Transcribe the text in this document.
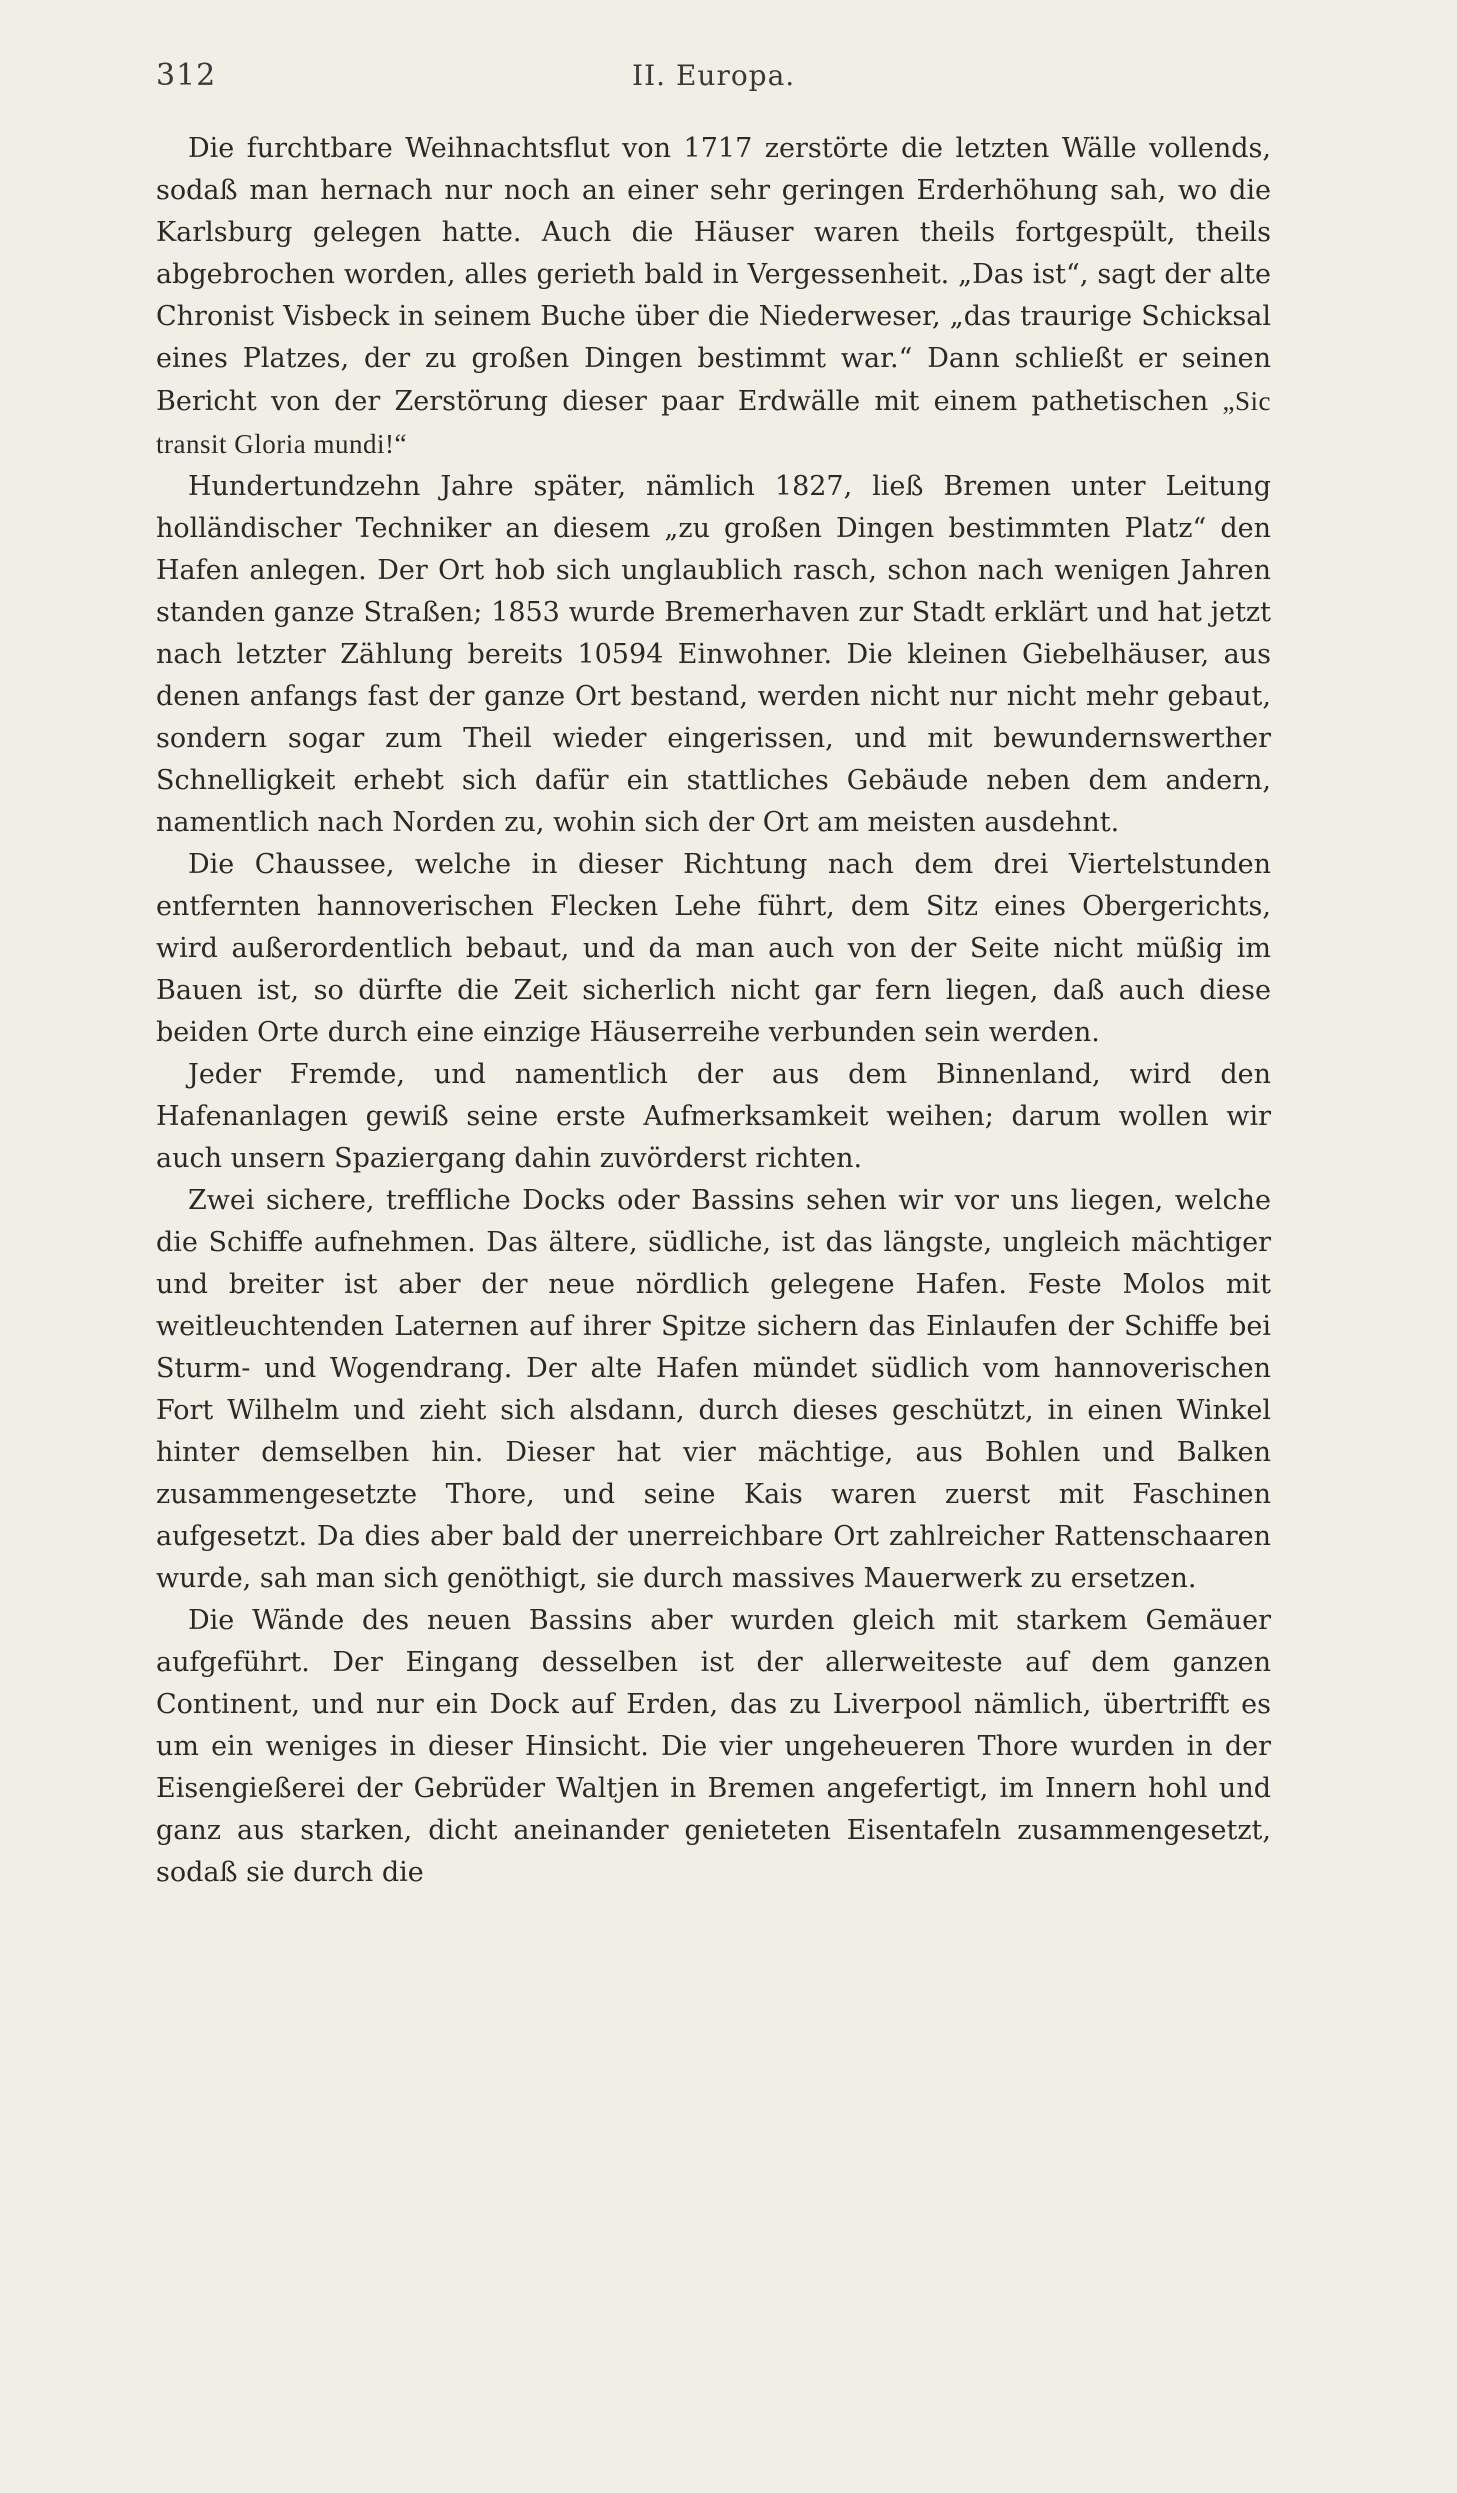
312	II. Europa.

Die furchtbare Weihnachtsflut von 1717 zerstörte die letzten Wälle vollends, sodaß man hernach nur noch an einer sehr geringen Erderhöhung sah, wo die Karlsburg gelegen hatte. Auch die Häuser waren theils fortgespült, theils abgebrochen worden, alles gerieth bald in Vergessenheit. „Das ist“, sagt der alte Chronist Visbeck in seinem Buche über die Niederweser, „das traurige Schicksal eines Platzes, der zu großen Dingen bestimmt war.“ Dann schließt er seinen Bericht von der Zerstörung dieser paar Erdwälle mit einem pathetischen „Sic transit Gloria mundi!“

Hundertundzehn Jahre später, nämlich 1827, ließ Bremen unter Leitung holländischer Techniker an diesem „zu großen Dingen bestimmten Platz“ den Hafen anlegen. Der Ort hob sich unglaublich rasch, schon nach wenigen Jahren standen ganze Straßen; 1853 wurde Bremerhaven zur Stadt erklärt und hat jetzt nach letzter Zählung bereits 10594 Einwohner. Die kleinen Giebelhäuser, aus denen anfangs fast der ganze Ort bestand, werden nicht nur nicht mehr gebaut, sondern sogar zum Theil wieder eingerissen, und mit bewundernswerther Schnelligkeit erhebt sich dafür ein stattliches Gebäude neben dem andern, namentlich nach Norden zu, wohin sich der Ort am meisten ausdehnt.

Die Chaussee, welche in dieser Richtung nach dem drei Viertelstunden entfernten hannoverischen Flecken Lehe führt, dem Sitz eines Obergerichts, wird außerordentlich bebaut, und da man auch von der Seite nicht müßig im Bauen ist, so dürfte die Zeit sicherlich nicht gar fern liegen, daß auch diese beiden Orte durch eine einzige Häuserreihe verbunden sein werden.

Jeder Fremde, und namentlich der aus dem Binnenland, wird den Hafenanlagen gewiß seine erste Aufmerksamkeit weihen; darum wollen wir auch unsern Spaziergang dahin zuvörderst richten.

Zwei sichere, treffliche Docks oder Bassins sehen wir vor uns liegen, welche die Schiffe aufnehmen. Das ältere, südliche, ist das längste, ungleich mächtiger und breiter ist aber der neue nördlich gelegene Hafen. Feste Molos mit weitleuchtenden Laternen auf ihrer Spitze sichern das Einlaufen der Schiffe bei Sturm- und Wogendrang. Der alte Hafen mündet südlich vom hannoverischen Fort Wilhelm und zieht sich alsdann, durch dieses geschützt, in einen Winkel hinter demselben hin. Dieser hat vier mächtige, aus Bohlen und Balken zusammengesetzte Thore, und seine Kais waren zuerst mit Faschinen aufgesetzt. Da dies aber bald der unerreichbare Ort zahlreicher Rattenschaaren wurde, sah man sich genöthigt, sie durch massives Mauerwerk zu ersetzen.

Die Wände des neuen Bassins aber wurden gleich mit starkem Gemäuer aufgeführt. Der Eingang desselben ist der allerweiteste auf dem ganzen Continent, und nur ein Dock auf Erden, das zu Liverpool nämlich, übertrifft es um ein weniges in dieser Hinsicht. Die vier ungeheueren Thore wurden in der Eisengießerei der Gebrüder Waltjen in Bremen angefertigt, im Innern hohl und ganz aus starken, dicht aneinander genieteten Eisentafeln zusammengesetzt, sodaß sie durch die
